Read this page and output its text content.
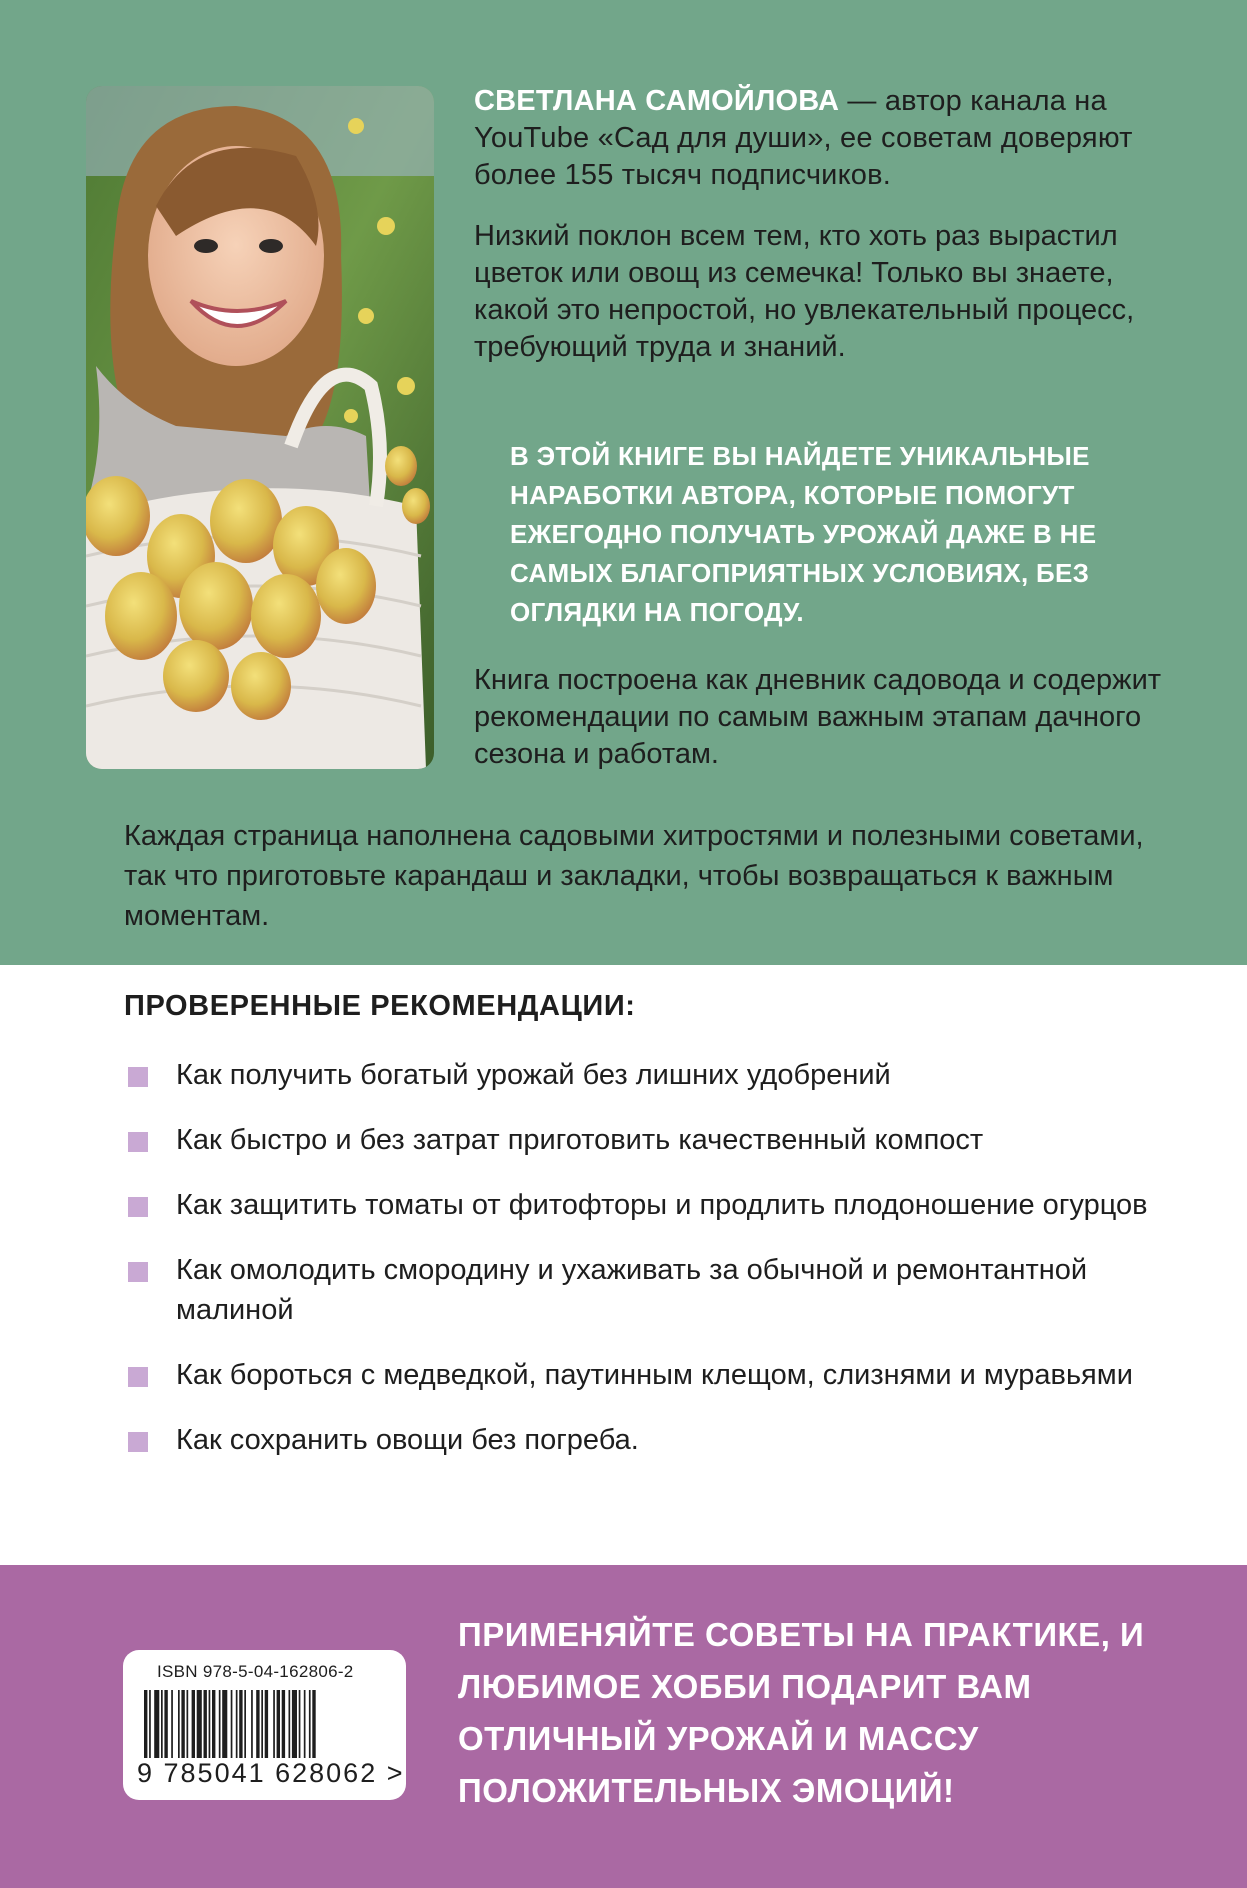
СВЕТЛАНА САМОЙЛОВА — автор канала на YouTube «Сад для души», ее советам доверяют более 155 тысяч подписчиков.
Низкий поклон всем тем, кто хоть раз вырастил цветок или овощ из семечка! Только вы знаете, какой это непростой, но увлекательный процесс, требующий труда и знаний.
В ЭТОЙ КНИГЕ ВЫ НАЙДЕТЕ УНИКАЛЬНЫЕ НАРАБОТКИ АВТОРА, КОТОРЫЕ ПОМОГУТ ЕЖЕГОДНО ПОЛУЧАТЬ УРОЖАЙ ДАЖЕ В НЕ САМЫХ БЛАГОПРИЯТНЫХ УСЛОВИЯХ, БЕЗ ОГЛЯДКИ НА ПОГОДУ.
Книга построена как дневник садовода и содержит рекомендации по самым важным этапам дачного сезона и работам.
Каждая страница наполнена садовыми хитростями и полезными советами, так что приготовьте карандаш и закладки, чтобы возвращаться к важным моментам.
ПРОВЕРЕННЫЕ РЕКОМЕНДАЦИИ:
Как получить богатый урожай без лишних удобрений
Как быстро и без затрат приготовить качественный компост
Как защитить томаты от фитофторы и продлить плодоношение огурцов
Как омолодить смородину и ухаживать за обычной и ремонтантной малиной
Как бороться с медведкой, паутинным клещом, слизнями и муравьями
Как сохранить овощи без погреба.
ISBN 978-5-04-162806-2
9 785041 628062 >
ПРИМЕНЯЙТЕ СОВЕТЫ НА ПРАКТИКЕ, И ЛЮБИМОЕ ХОББИ ПОДАРИТ ВАМ ОТЛИЧНЫЙ УРОЖАЙ И МАССУ ПОЛОЖИТЕЛЬНЫХ ЭМОЦИЙ!
